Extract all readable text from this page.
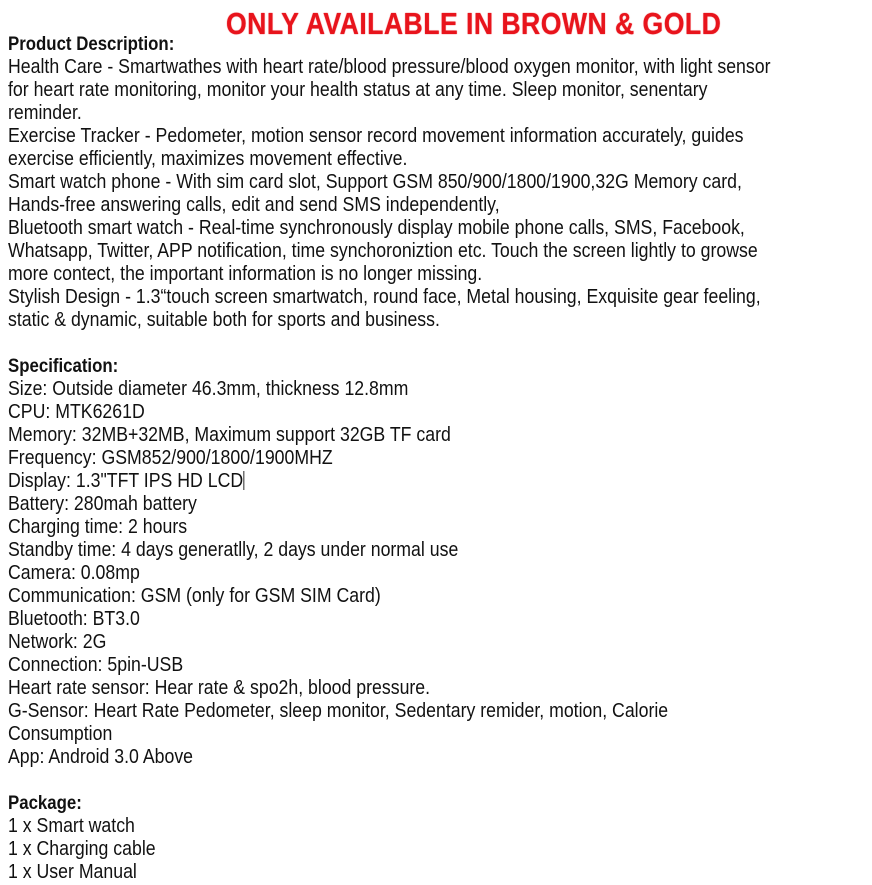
ONLY AVAILABLE IN BROWN & GOLD
Product Description:
Health Care - Smartwathes with heart rate/blood pressure/blood oxygen monitor, with light sensor
for heart rate monitoring, monitor your health status at any time. Sleep monitor, senentary
reminder.
Exercise Tracker - Pedometer, motion sensor record movement information accurately, guides
exercise efficiently, maximizes movement effective.
Smart watch phone - With sim card slot, Support GSM 850/900/1800/1900,32G Memory card,
Hands-free answering calls, edit and send SMS independently,
Bluetooth smart watch - Real-time synchronously display mobile phone calls, SMS, Facebook,
Whatsapp, Twitter, APP notification, time synchoroniztion etc. Touch the screen lightly to growse
more contect, the important information is no longer missing.
Stylish Design - 1.3“touch screen smartwatch, round face, Metal housing, Exquisite gear feeling,
static & dynamic, suitable both for sports and business.
Specification:
Size: Outside diameter 46.3mm, thickness 12.8mm
CPU: MTK6261D
Memory: 32MB+32MB, Maximum support 32GB TF card
Frequency: GSM852/900/1800/1900MHZ
Display: 1.3"TFT IPS HD LCD
Battery: 280mah battery
Charging time: 2 hours
Standby time: 4 days generatlly, 2 days under normal use
Camera: 0.08mp
Communication: GSM (only for GSM SIM Card)
Bluetooth: BT3.0
Network: 2G
Connection: 5pin-USB
Heart rate sensor: Hear rate & spo2h, blood pressure.
G-Sensor: Heart Rate Pedometer, sleep monitor, Sedentary remider, motion, Calorie
Consumption
App: Android 3.0 Above
Package:
1 x Smart watch
1 x Charging cable
1 x User Manual
